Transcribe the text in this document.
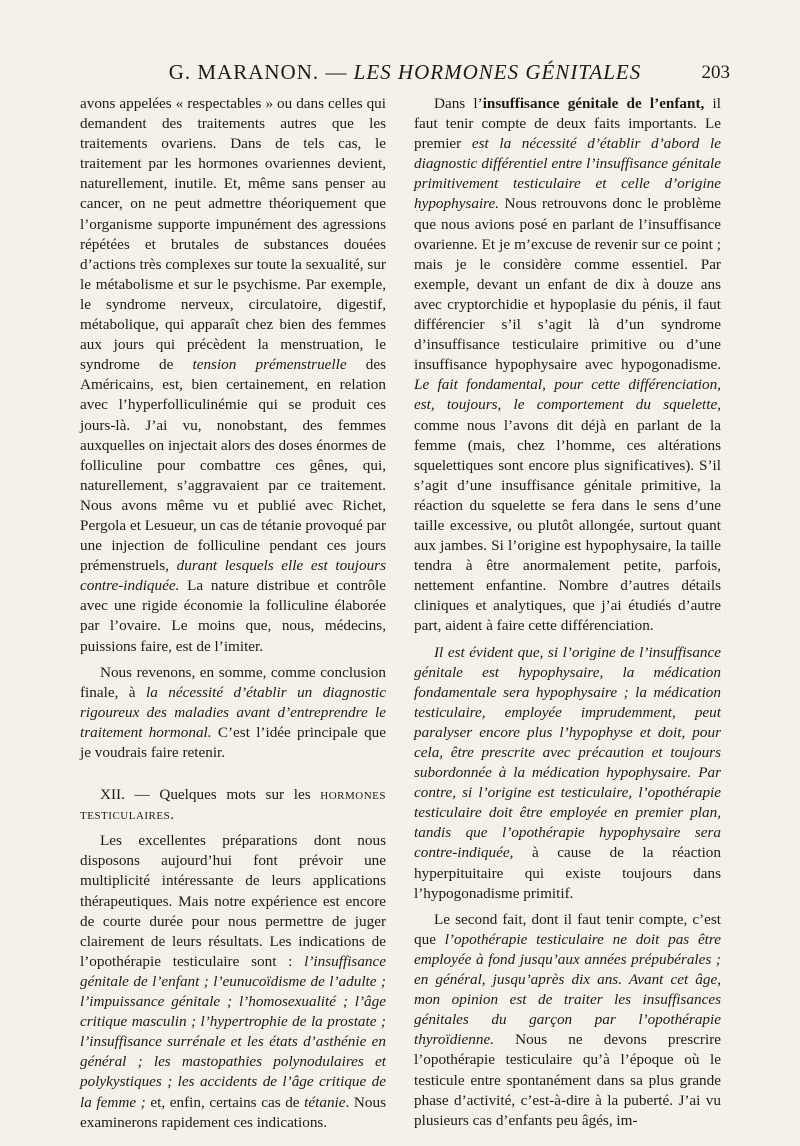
G. MARANON. — LES HORMONES GÉNITALES	203

avons appelées « respectables » ou dans celles qui demandent des traitements autres que les traitements ovariens. Dans de tels cas, le traitement par les hormones ovariennes devient, naturellement, inutile. Et, même sans penser au cancer, on ne peut admettre théoriquement que l’organisme supporte impunément des agressions répétées et brutales de substances douées d’actions très complexes sur toute la sexualité, sur le métabolisme et sur le psychisme. Par exemple, le syndrome nerveux, circulatoire, digestif, métabolique, qui apparaît chez bien des femmes aux jours qui précèdent la menstruation, le syndrome de tension prémenstruelle des Américains, est, bien certainement, en relation avec l’hyperfolliculinémie qui se produit ces jours-là. J’ai vu, nonobstant, des femmes auxquelles on injectait alors des doses énormes de folliculine pour combattre ces gênes, qui, naturellement, s’aggravaient par ce traitement. Nous avons même vu et publié avec Richet, Pergola et Lesueur, un cas de tétanie provoqué par une injection de folliculine pendant ces jours prémenstruels, durant lesquels elle est toujours contre-indiquée. La nature distribue et contrôle avec une rigide économie la folliculine élaborée par l’ovaire. Le moins que, nous, médecins, puissions faire, est de l’imiter.

Nous revenons, en somme, comme conclusion finale, à la nécessité d’établir un diagnostic rigoureux des maladies avant d’entreprendre le traitement hormonal. C’est l’idée principale que je voudrais faire retenir.

XII. — Quelques mots sur les hormones testiculaires.

Les excellentes préparations dont nous disposons aujourd’hui font prévoir une multiplicité intéressante de leurs applications thérapeutiques. Mais notre expérience est encore de courte durée pour nous permettre de juger clairement de leurs résultats. Les indications de l’opothérapie testiculaire sont : l’insuffisance génitale de l’enfant ; l’eunucoïdisme de l’adulte ; l’impuissance génitale ; l’homosexualité ; l’âge critique masculin ; l’hypertrophie de la prostate ; l’insuffisance surrénale et les états d’asthénie en général ; les mastopathies polynodulaires et polykystiques ; les accidents de l’âge critique de la femme ; et, enfin, certains cas de tétanie. Nous examinerons rapidement ces indications.

Dans l’insuffisance génitale de l’enfant, il faut tenir compte de deux faits importants. Le premier est la nécessité d’établir d’abord le diagnostic différentiel entre l’insuffisance génitale primitivement testiculaire et celle d’origine hypophysaire. Nous retrouvons donc le problème que nous avions posé en parlant de l’insuffisance ovarienne. Et je m’excuse de revenir sur ce point ; mais je le considère comme essentiel. Par exemple, devant un enfant de dix à douze ans avec cryptorchidie et hypoplasie du pénis, il faut différencier s’il s’agit là d’un syndrome d’insuffisance testiculaire primitive ou d’une insuffisance hypophysaire avec hypogonadisme. Le fait fondamental, pour cette différenciation, est, toujours, le comportement du squelette, comme nous l’avons dit déjà en parlant de la femme (mais, chez l’homme, ces altérations squelettiques sont encore plus significatives). S’il s’agit d’une insuffisance génitale primitive, la réaction du squelette se fera dans le sens d’une taille excessive, ou plutôt allongée, surtout quant aux jambes. Si l’origine est hypophysaire, la taille tendra à être anormalement petite, parfois, nettement enfantine. Nombre d’autres détails cliniques et analytiques, que j’ai étudiés d’autre part, aident à faire cette différenciation.

Il est évident que, si l’origine de l’insuffisance génitale est hypophysaire, la médication fondamentale sera hypophysaire ; la médication testiculaire, employée imprudemment, peut paralyser encore plus l’hypophyse et doit, pour cela, être prescrite avec précaution et toujours subordonnée à la médication hypophysaire. Par contre, si l’origine est testiculaire, l’opothérapie testiculaire doit être employée en premier plan, tandis que l’opothérapie hypophysaire sera contre-indiquée, à cause de la réaction hyperpituitaire qui existe toujours dans l’hypogonadisme primitif.

Le second fait, dont il faut tenir compte, c’est que l’opothérapie testiculaire ne doit pas être employée à fond jusqu’aux années prépubérales ; en général, jusqu’après dix ans. Avant cet âge, mon opinion est de traiter les insuffisances génitales du garçon par l’opothérapie thyroïdienne. Nous ne devons prescrire l’opothérapie testiculaire qu’à l’époque où le testicule entre spontanément dans sa plus grande phase d’activité, c’est-à-dire à la puberté. J’ai vu plusieurs cas d’enfants peu âgés, im-
